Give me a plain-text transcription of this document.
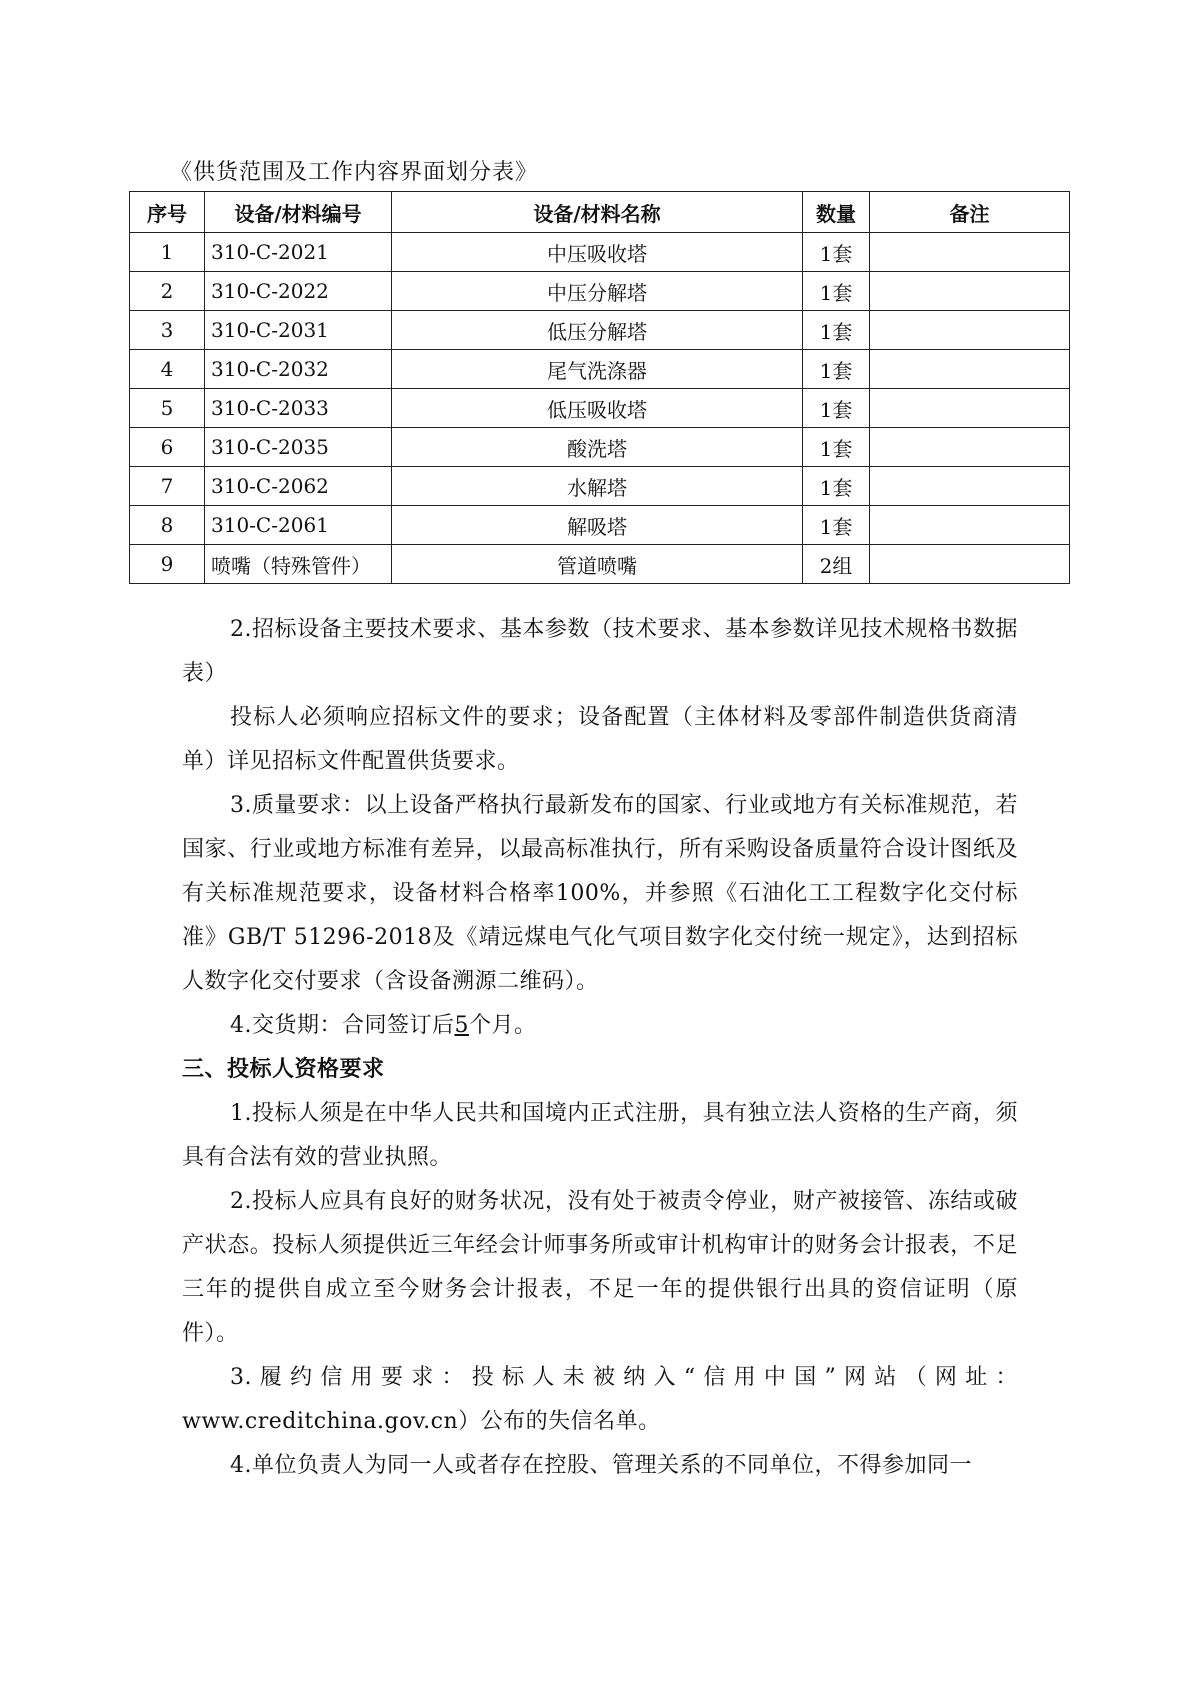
《供货范围及工作内容界面划分表》
序号	设备/材料编号	设备/材料名称	数量	备注
1	310-C-2021	中压吸收塔	1套	
2	310-C-2022	中压分解塔	1套	
3	310-C-2031	低压分解塔	1套	
4	310-C-2032	尾气洗涤器	1套	
5	310-C-2033	低压吸收塔	1套	
6	310-C-2035	酸洗塔	1套	
7	310-C-2062	水解塔	1套	
8	310-C-2061	解吸塔	1套	
9	喷嘴（特殊管件）	管道喷嘴	2组	

2.招标设备主要技术要求、基本参数（技术要求、基本参数详见技术规格书数据表）

投标人必须响应招标文件的要求；设备配置（主体材料及零部件制造供货商清单）详见招标文件配置供货要求。

3.质量要求：以上设备严格执行最新发布的国家、行业或地方有关标准规范，若国家、行业或地方标准有差异，以最高标准执行，所有采购设备质量符合设计图纸及有关标准规范要求，设备材料合格率100%，并参照《石油化工工程数字化交付标准》GB/T 51296-2018及《靖远煤电气化气项目数字化交付统一规定》，达到招标人数字化交付要求（含设备溯源二维码）。

4.交货期：合同签订后5个月。

三、投标人资格要求

1.投标人须是在中华人民共和国境内正式注册，具有独立法人资格的生产商，须具有合法有效的营业执照。

2.投标人应具有良好的财务状况，没有处于被责令停业，财产被接管、冻结或破产状态。投标人须提供近三年经会计师事务所或审计机构审计的财务会计报表，不足三年的提供自成立至今财务会计报表，不足一年的提供银行出具的资信证明（原件）。

3.履约信用要求：投标人未被纳入“信用中国”网站（网址：

www.creditchina.gov.cn）公布的失信名单。

4.单位负责人为同一人或者存在控股、管理关系的不同单位，不得参加同一
